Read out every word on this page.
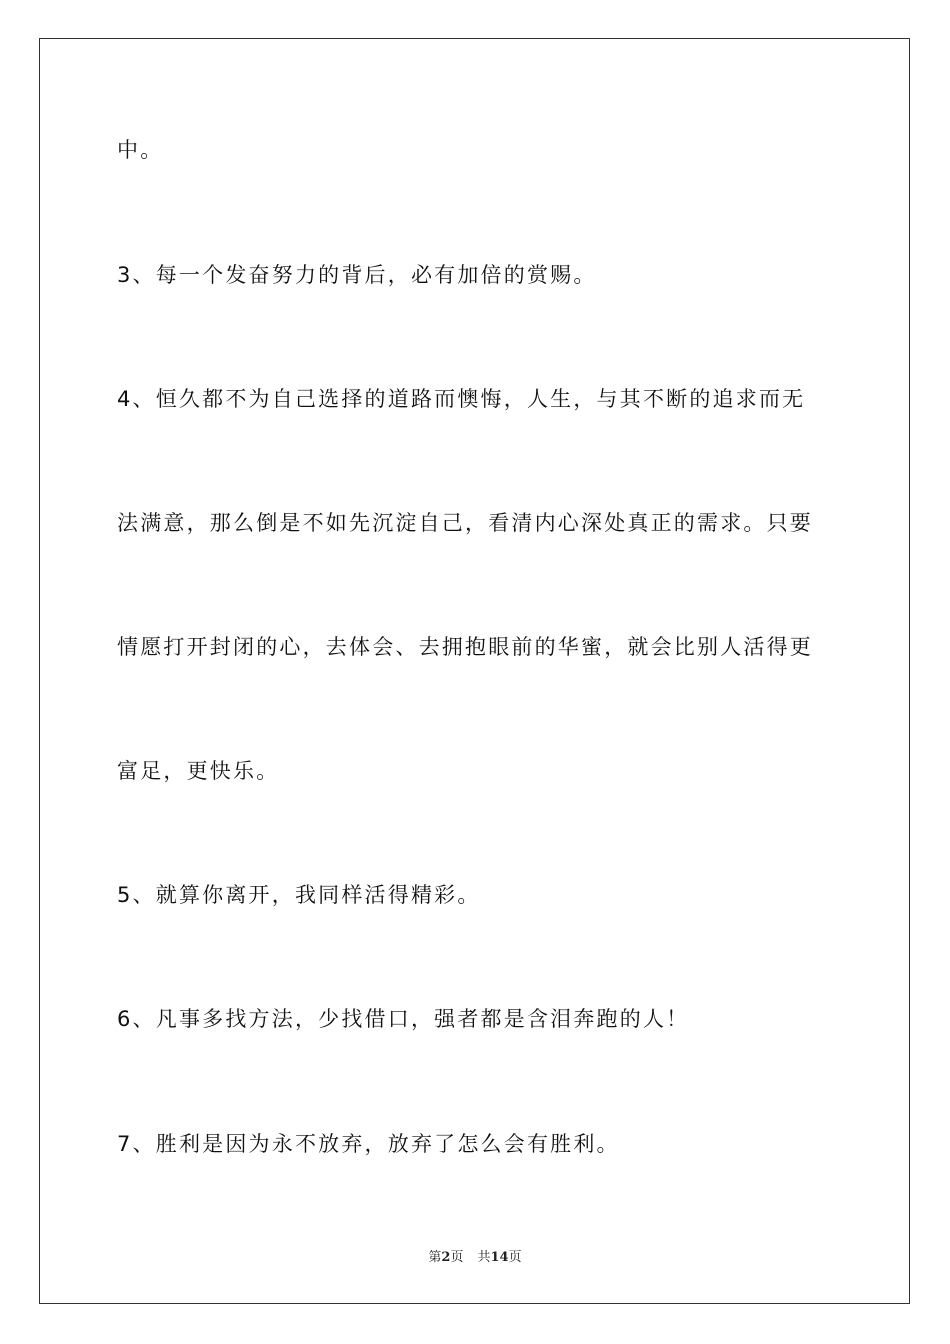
中。
3、每一个发奋努力的背后，必有加倍的赏赐。
4、恒久都不为自己选择的道路而懊悔，人生，与其不断的追求而无
法满意，那么倒是不如先沉淀自己，看清内心深处真正的需求。只要
情愿打开封闭的心，去体会、去拥抱眼前的华蜜，就会比别人活得更
富足，更快乐。
5、就算你离开，我同样活得精彩。
6、凡事多找方法，少找借口，强者都是含泪奔跑的人！
7、胜利是因为永不放弃，放弃了怎么会有胜利。
第2页 共14页
